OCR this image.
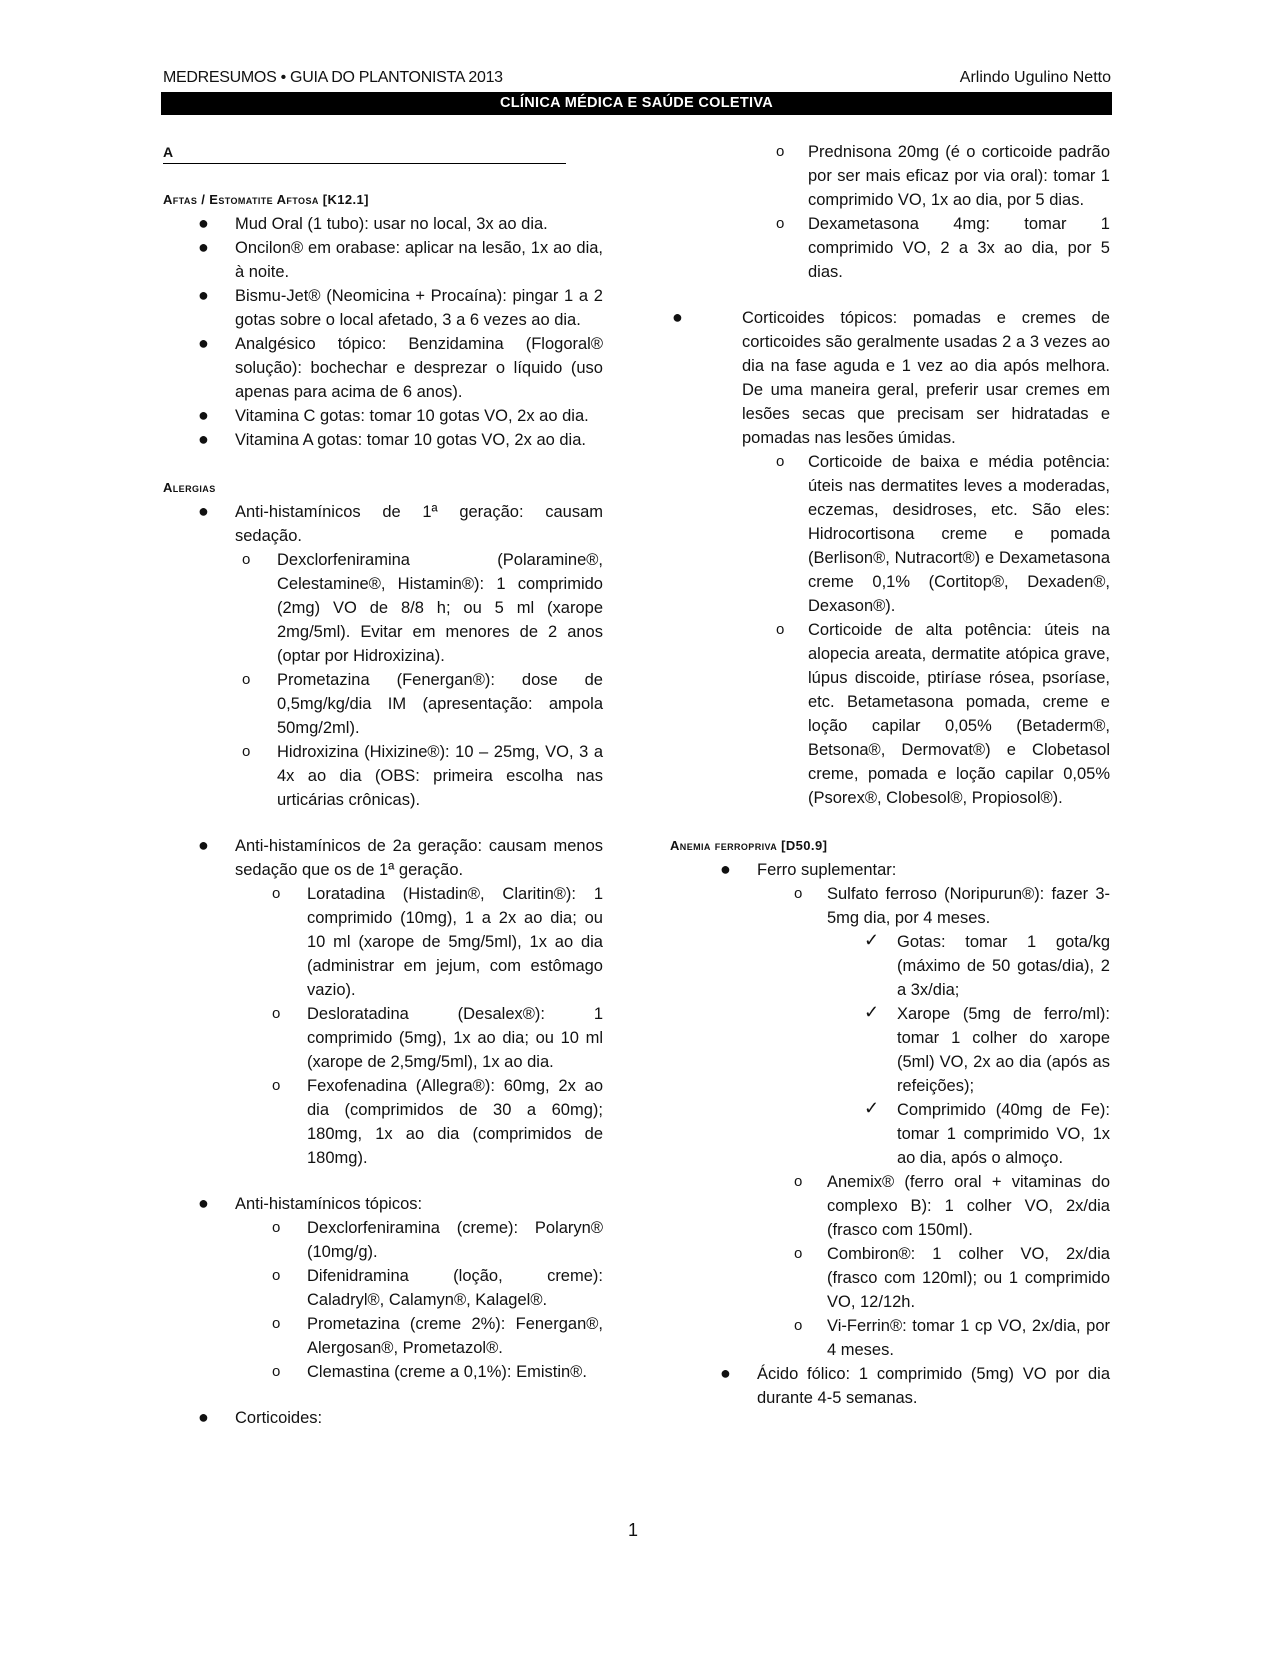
MEDRESUMOS • GUIA DO PLANTONISTA 2013	Arlindo Ugulino Netto
CLÍNICA MÉDICA E SAÚDE COLETIVA
A
Aftas / Estomatite Aftosa [K12.1]
● Mud Oral (1 tubo): usar no local, 3x ao dia.
● Oncilon® em orabase: aplicar na lesão, 1x ao dia, à noite.
● Bismu-Jet® (Neomicina + Procaína): pingar 1 a 2 gotas sobre o local afetado, 3 a 6 vezes ao dia.
● Analgésico tópico: Benzidamina (Flogoral® solução): bochechar e desprezar o líquido (uso apenas para acima de 6 anos).
● Vitamina C gotas: tomar 10 gotas VO, 2x ao dia.
● Vitamina A gotas: tomar 10 gotas VO, 2x ao dia.
Alergias
● Anti-histamínicos de 1ª geração: causam sedação.
o Dexclorfeniramina (Polaramine®, Celestamine®, Histamin®): 1 comprimido (2mg) VO de 8/8 h; ou 5 ml (xarope 2mg/5ml). Evitar em menores de 2 anos (optar por Hidroxizina).
o Prometazina (Fenergan®): dose de 0,5mg/kg/dia IM (apresentação: ampola 50mg/2ml).
o Hidroxizina (Hixizine®): 10 – 25mg, VO, 3 a 4x ao dia (OBS: primeira escolha nas urticárias crônicas).
● Anti-histamínicos de 2a geração: causam menos sedação que os de 1ª geração.
o Loratadina (Histadin®, Claritin®): 1 comprimido (10mg), 1 a 2x ao dia; ou 10 ml (xarope de 5mg/5ml), 1x ao dia (administrar em jejum, com estômago vazio).
o Desloratadina (Desalex®): 1 comprimido (5mg), 1x ao dia; ou 10 ml (xarope de 2,5mg/5ml), 1x ao dia.
o Fexofenadina (Allegra®): 60mg, 2x ao dia (comprimidos de 30 a 60mg); 180mg, 1x ao dia (comprimidos de 180mg).
● Anti-histamínicos tópicos:
o Dexclorfeniramina (creme): Polaryn® (10mg/g).
o Difenidramina (loção, creme): Caladryl®, Calamyn®, Kalagel®.
o Prometazina (creme 2%): Fenergan®, Alergosan®, Prometazol®.
o Clemastina (creme a 0,1%): Emistin®.
● Corticoides:
o Prednisona 20mg (é o corticoide padrão por ser mais eficaz por via oral): tomar 1 comprimido VO, 1x ao dia, por 5 dias.
o Dexametasona 4mg: tomar 1 comprimido VO, 2 a 3x ao dia, por 5 dias.
●	Corticoides tópicos: pomadas e cremes de corticoides são geralmente usadas 2 a 3 vezes ao dia na fase aguda e 1 vez ao dia após melhora. De uma maneira geral, preferir usar cremes em lesões secas que precisam ser hidratadas e pomadas nas lesões úmidas.
o Corticoide de baixa e média potência: úteis nas dermatites leves a moderadas, eczemas, desidroses, etc. São eles: Hidrocortisona creme e pomada (Berlison®, Nutracort®) e Dexametasona creme 0,1% (Cortitop®, Dexaden®, Dexason®).
o Corticoide de alta potência: úteis na alopecia areata, dermatite atópica grave, lúpus discoide, ptiríase rósea, psoríase, etc. Betametasona pomada, creme e loção capilar 0,05% (Betaderm®, Betsona®, Dermovat®) e Clobetasol creme, pomada e loção capilar 0,05% (Psorex®, Clobesol®, Propiosol®).
Anemia ferropriva [D50.9]
● Ferro suplementar:
o Sulfato ferroso (Noripurun®): fazer 3-5mg dia, por 4 meses.
✓ Gotas: tomar 1 gota/kg (máximo de 50 gotas/dia), 2 a 3x/dia;
✓ Xarope (5mg de ferro/ml): tomar 1 colher do xarope (5ml) VO, 2x ao dia (após as refeições);
✓ Comprimido (40mg de Fe): tomar 1 comprimido VO, 1x ao dia, após o almoço.
o Anemix® (ferro oral + vitaminas do complexo B): 1 colher VO, 2x/dia (frasco com 150ml).
o Combiron®: 1 colher VO, 2x/dia (frasco com 120ml); ou 1 comprimido VO, 12/12h.
o Vi-Ferrin®: tomar 1 cp VO, 2x/dia, por 4 meses.
● Ácido fólico: 1 comprimido (5mg) VO por dia durante 4-5 semanas.
1
